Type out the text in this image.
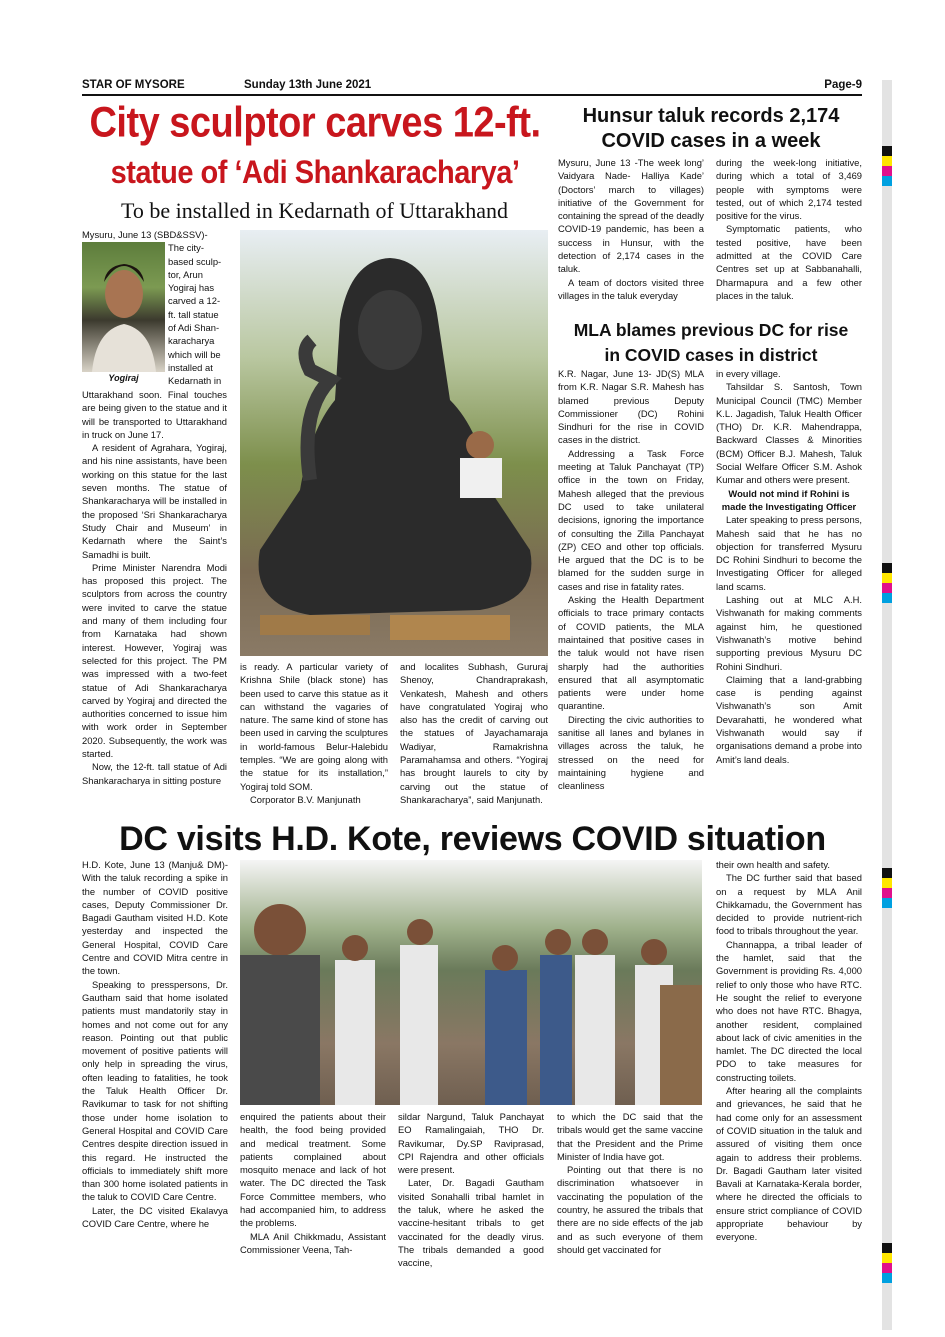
STAR OF MYSORE	Sunday 13th June 2021	Page-9
City sculptor carves 12-ft.
statue of ‘Adi Shankaracharya’
To be installed in Kedarnath of Uttarakhand
Yogiraj

Mysuru, June 13 (SBD&SSV)-

The city-

based sculp-

tor, Arun

Yogiraj has

carved a 12-

ft. tall statue

of Adi Shan-

karacharya

which will be

installed at

Kedarnath in

Uttarakhand soon. Final touches are being given to the statue and it will be transported to Uttarakhand in truck on June 17.

A resident of Agrahara, Yogiraj, and his nine assistants, have been working on this statue for the last seven months. The statue of Shankaracharya will be installed in the proposed ‘Sri Shankaracharya Study Chair and Museum’ in Kedarnath where the Saint’s Samadhi is built.

Prime Minister Narendra Modi has proposed this project. The sculptors from across the country were invited to carve the statue and many of them including four from Karnataka had shown interest. However, Yogiraj was selected for this project. The PM was impressed with a two-feet statue of Adi Shankaracharya carved by Yogiraj and directed the authorities concerned to issue him with work order in September 2020. Subsequently, the work was started.

Now, the 12-ft. tall statue of Adi Shankaracharya in sitting posture

is ready. A particular variety of Krishna Shile (black stone) has been used to carve this statue as it can withstand the vagaries of nature. The same kind of stone has been used in carving the sculptures in world-famous Belur-Halebidu temples. “We are going along with the statue for its installation,” Yogiraj told SOM.

Corporator B.V. Manjunath

and localites Subhash, Gururaj Shenoy, Chandraprakash, Venkatesh, Mahesh and others have congratulated Yogiraj who also has the credit of carving out the statues of Jayachamaraja Wadiyar, Ramakrishna Paramahamsa and others. “Yogiraj has brought laurels to city by carving out the statue of Shankaracharya”, said Manjunath.

Hunsur taluk records 2,174
COVID cases in a week

Mysuru, June 13 -The week long’ Vaidyara Nade- Halliya Kade’ (Doctors’ march to villages) initiative of the Government for containing the spread of the deadly COVID-19 pandemic, has been a success in Hunsur, with the detection of 2,174 cases in the taluk.

A team of doctors visited three villages in the taluk everyday

during the week-long initiative, during which a total of 3,469 people with symptoms were tested, out of which 2,174 tested positive for the virus.

Symptomatic patients, who tested positive, have been admitted at the COVID Care Centres set up at Sabbanahalli, Dharmapura and a few other places in the taluk.

MLA blames previous DC for rise
in COVID cases in district

K.R. Nagar, June 13- JD(S) MLA from K.R. Nagar S.R. Mahesh has blamed previous Deputy Commissioner (DC) Rohini Sindhuri for the rise in COVID cases in the district.

Addressing a Task Force meeting at Taluk Panchayat (TP) office in the town on Friday, Mahesh alleged that the previous DC used to take unilateral decisions, ignoring the importance of consulting the Zilla Panchayat (ZP) CEO and other top officials. He argued that the DC is to be blamed for the sudden surge in cases and rise in fatality rates.

Asking the Health Department officials to trace primary contacts of COVID patients, the MLA maintained that positive cases in the taluk would not have risen sharply had the authorities ensured that all asymptomatic patients were under home quarantine.

Directing the civic authorities to sanitise all lanes and bylanes in villages across the taluk, he stressed on the need for maintaining hygiene and cleanliness

in every village.

Tahsildar S. Santosh, Town Municipal Council (TMC) Member K.L. Jagadish, Taluk Health Officer (THO) Dr. K.R. Mahendrappa, Backward Classes & Minorities (BCM) Officer B.J. Mahesh, Taluk Social Welfare Officer S.M. Ashok Kumar and others were present.

Would not mind if Rohini is made the Investigating Officer

Later speaking to press persons, Mahesh said that he has no objection for transferred Mysuru DC Rohini Sindhuri to become the Investigating Officer for alleged land scams.

Lashing out at MLC A.H. Vishwanath for making comments against him, he questioned Vishwanath’s motive behind supporting previous Mysuru DC Rohini Sindhuri.

Claiming that a land-grabbing case is pending against Vishwanath’s son Amit Devarahatti, he wondered what Vishwanath would say if organisations demand a probe into Amit’s land deals.

DC visits H.D. Kote, reviews COVID situation

H.D. Kote, June 13 (Manju& DM)- With the taluk recording a spike in the number of COVID positive cases, Deputy Commissioner Dr. Bagadi Gautham visited H.D. Kote yesterday and inspected the General Hospital, COVID Care Centre and COVID Mitra centre in the town.

Speaking to presspersons, Dr. Gautham said that home isolated patients must mandatorily stay in homes and not come out for any reason. Pointing out that public movement of positive patients will only help in spreading the virus, often leading to fatalities, he took the Taluk Health Officer Dr. Ravikumar to task for not shifting those under home isolation to General Hospital and COVID Care Centres despite direction issued in this regard. He instructed the officials to immediately shift more than 300 home isolated patients in the taluk to COVID Care Centre.

Later, the DC visited Ekalavya COVID Care Centre, where he

enquired the patients about their health, the food being provided and medical treatment. Some patients complained about mosquito menace and lack of hot water. The DC directed the Task Force Committee members, who had accompanied him, to address the problems.

MLA Anil Chikkmadu, Assistant Commissioner Veena, Tah-

sildar Nargund, Taluk Panchayat EO Ramalingaiah, THO Dr. Ravikumar, Dy.SP Raviprasad, CPI Rajendra and other officials were present.

Later, Dr. Bagadi Gautham visited Sonahalli tribal hamlet in the taluk, where he asked the vaccine-hesitant tribals to get vaccinated for the deadly virus. The tribals demanded a good vaccine,

to which the DC said that the tribals would get the same vaccine that the President and the Prime Minister of India have got.

Pointing out that there is no discrimination whatsoever in vaccinating the population of the country, he assured the tribals that there are no side effects of the jab and as such everyone of them should get vaccinated for

their own health and safety.

The DC further said that based on a request by MLA Anil Chikkamadu, the Government has decided to provide nutrient-rich food to tribals throughout the year.

Channappa, a tribal leader of the hamlet, said that the Government is providing Rs. 4,000 relief to only those who have RTC. He sought the relief to everyone who does not have RTC. Bhagya, another resident, complained about lack of civic amenities in the hamlet. The DC directed the local PDO to take measures for constructing toilets.

After hearing all the complaints and grievances, he said that he had come only for an assessment of COVID situation in the taluk and assured of visiting them once again to address their problems. Dr. Bagadi Gautham later visited Bavali at Karnataka-Kerala border, where he directed the officials to ensure strict compliance of COVID appropriate behaviour by everyone.
